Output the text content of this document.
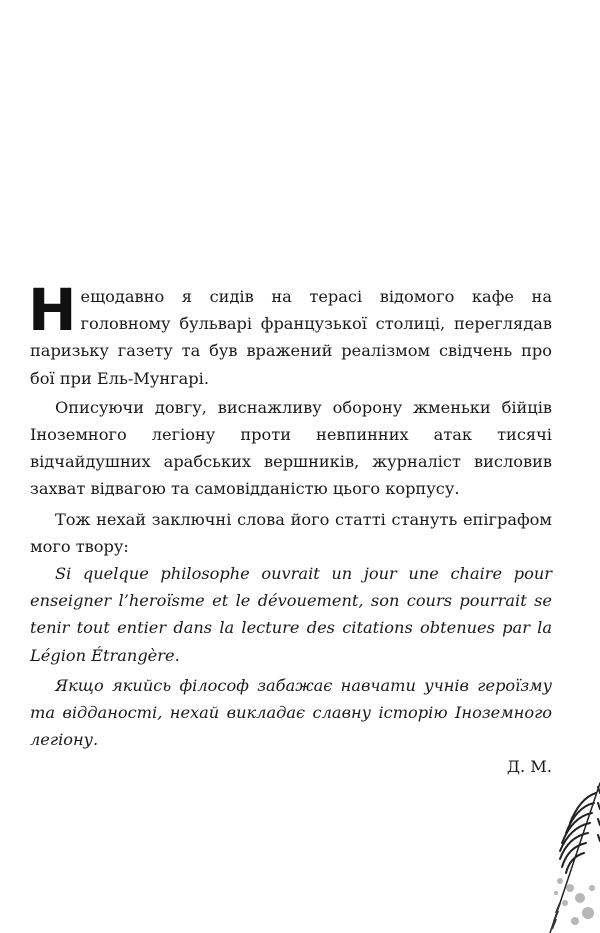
Нещодавно я сидів на терасі відомого кафе на головному бульварі французької столиці, переглядав паризьку газету та був вражений реалізмом свідчень про бої при Ель-Мунгарі.

Описуючи довгу, виснажливу оборону жменьки бійців Іноземного легіону проти невпинних атак тисячі відчайдушних арабських вершників, журналіст висловив захват відвагою та самовідданістю цього корпусу.

Тож нехай заключні слова його статті стануть епіграфом мого твору:

Si quelque philosophe ouvrait un jour une chaire pour enseigner l’heroïsme et le dévouement, son cours pourrait se tenir tout entier dans la lecture des citations obtenues par la Légion Étrangère.

Якщо якийсь філософ забажає навчати учнів героїзму та відданості, нехай викладає славну історію Іноземного легіону.

Д. М.
